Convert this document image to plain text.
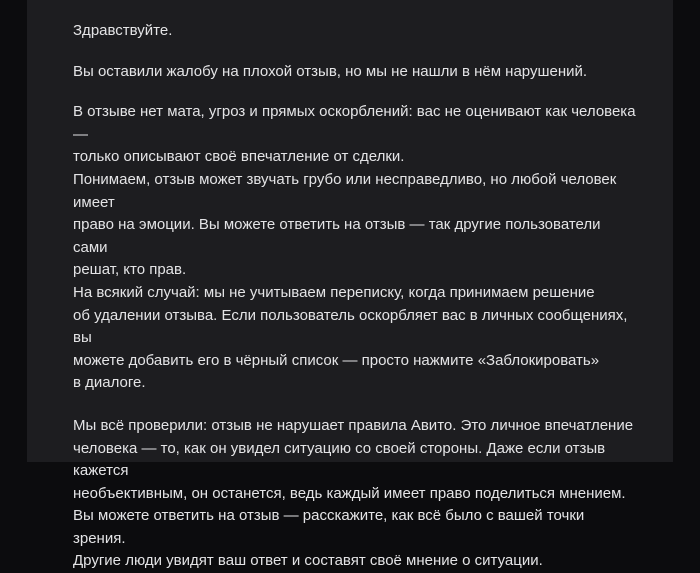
Здравствуйте.

Вы оставили жалобу на плохой отзыв, но мы не нашли в нём нарушений.

В отзыве нет мата, угроз и прямых оскорблений: вас не оценивают как человека —

только описывают своё впечатление от сделки.

Понимаем, отзыв может звучать грубо или несправедливо, но любой человек имеет

право на эмоции. Вы можете ответить на отзыв — так другие пользователи сами

решат, кто прав.

На всякий случай: мы не учитываем переписку, когда принимаем решение

об удалении отзыва. Если пользователь оскорбляет вас в личных сообщениях, вы

можете добавить его в чёрный список — просто нажмите «Заблокировать»

в диалоге.

Мы всё проверили: отзыв не нарушает правила Авито. Это личное впечатление

человека — то, как он увидел ситуацию со своей стороны. Даже если отзыв кажется

необъективным, он останется, ведь каждый имеет право поделиться мнением.

Вы можете ответить на отзыв — расскажите, как всё было с вашей точки зрения.

Другие люди увидят ваш ответ и составят своё мнение о ситуации.
